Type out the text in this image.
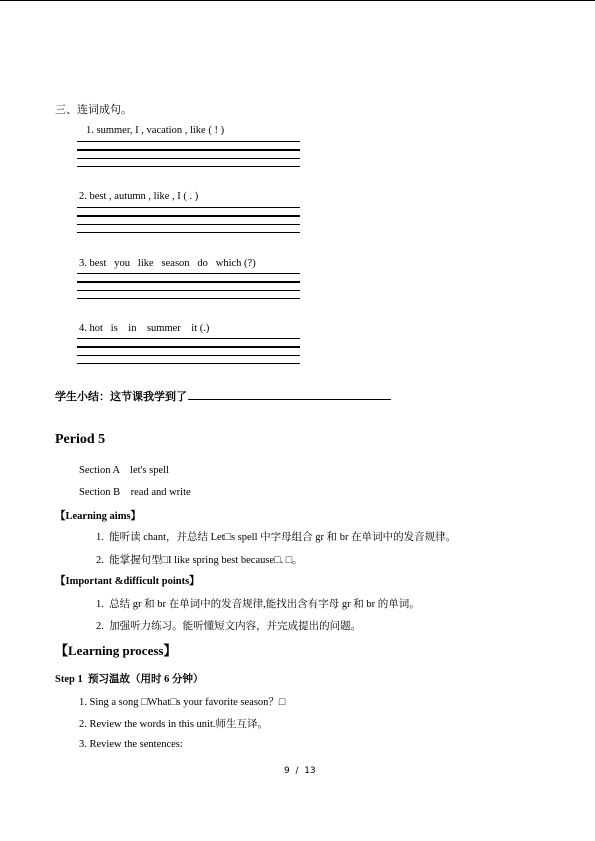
三、连词成句。
1. summer, I , vacation , like ( ! )
2. best , autumn , like , I ( . )
3. best   you   like   season   do   which (?)
4. hot   is    in    summer    it (.)
学生小结：这节课我学到了
Period 5
Section A    let's spell
Section B    read and write
【Learning aims】
1.  能听读 chant，并总结 Let□s spell 中字母组合 gr 和 br 在单词中的发音规律。
2.  能掌握句型□I like spring best because□. □。
【Important &difficult points】
1.  总结 gr 和 br 在单词中的发音规律,能找出含有字母 gr 和 br 的单词。
2.  加强听力练习。能听懂短文内容，并完成提出的问题。
【Learning process】
Step 1  预习温故（用时 6 分钟）
1. Sing a song □What□s your favorite season？□
2. Review the words in this unit.师生互译。
3. Review the sentences:
9  /  13
